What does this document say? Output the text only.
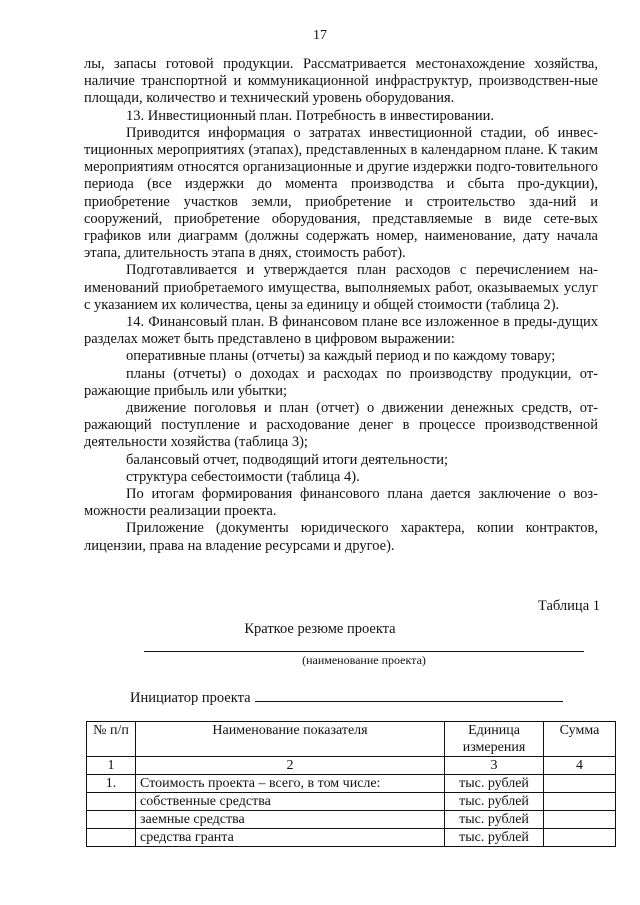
17

лы, запасы готовой продукции. Рассматривается местонахождение хозяйства, наличие транспортной и коммуникационной инфраструктур, производствен-ные площади, количество и технический уровень оборудования.

13. Инвестиционный план. Потребность в инвестировании.

Приводится информация о затратах инвестиционной стадии, об инвес-тиционных мероприятиях (этапах), представленных в календарном плане. К таким мероприятиям относятся организационные и другие издержки подго-товительного периода (все издержки до момента производства и сбыта про-дукции), приобретение участков земли, приобретение и строительство зда-ний и сооружений, приобретение оборудования, представляемые в виде сете-вых графиков или диаграмм (должны содержать номер, наименование, дату начала этапа, длительность этапа в днях, стоимость работ).

Подготавливается и утверждается план расходов с перечислением на-именований приобретаемого имущества, выполняемых работ, оказываемых услуг с указанием их количества, цены за единицу и общей стоимости (таблица 2).

14. Финансовый план. В финансовом плане все изложенное в преды-дущих разделах может быть представлено в цифровом выражении:

оперативные планы (отчеты) за каждый период и по каждому товару;

планы (отчеты) о доходах и расходах по производству продукции, от-ражающие прибыль или убытки;

движение поголовья и план (отчет) о движении денежных средств, от-ражающий поступление и расходование денег в процессе производственной деятельности хозяйства (таблица 3);

балансовый отчет, подводящий итоги деятельности;

структура себестоимости (таблица 4).

По итогам формирования финансового плана дается заключение о воз-можности реализации проекта.

Приложение (документы юридического характера, копии контрактов, лицензии, права на владение ресурсами и другое).

Таблица 1
Краткое резюме проекта
(наименование проекта)
Инициатор проекта
№ п/п	Наименование показателя	Единица измерения	Сумма
1	2	3	4
1.	Стоимость проекта – всего, в том числе:	тыс. рублей	
	собственные средства	тыс. рублей	
	заемные средства	тыс. рублей	
	средства гранта	тыс. рублей	
